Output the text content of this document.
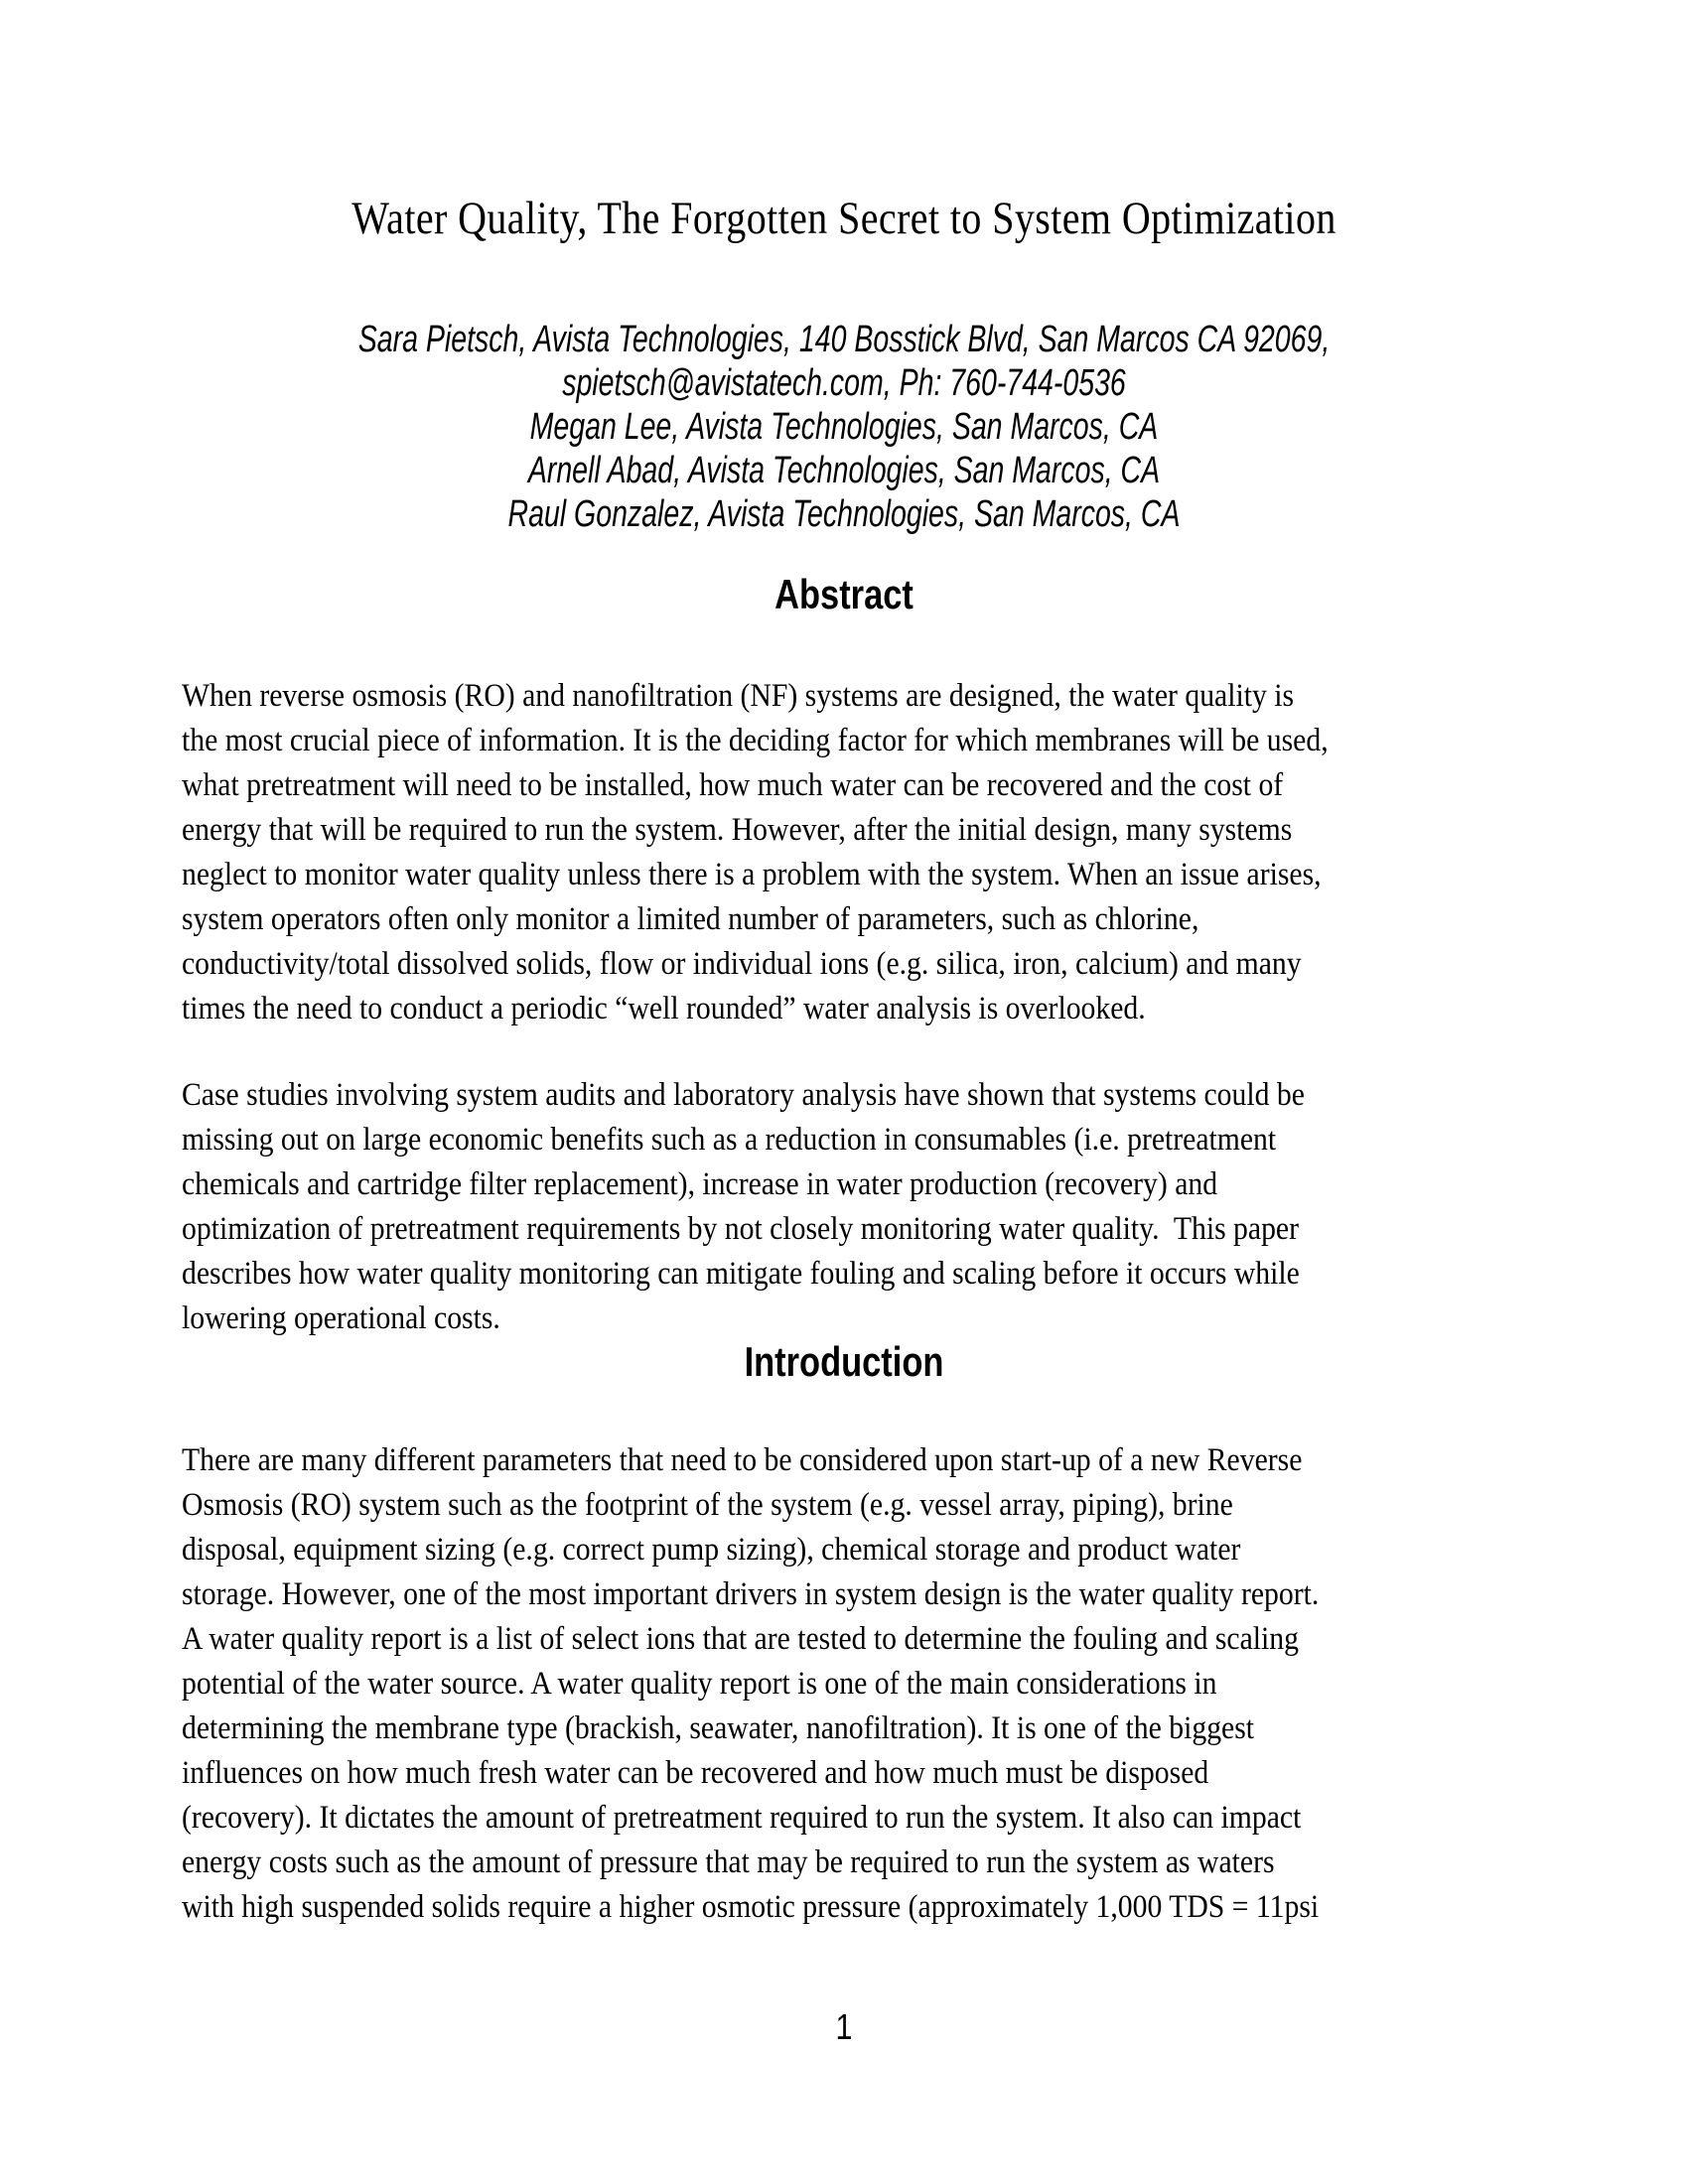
Water Quality, The Forgotten Secret to System Optimization
Sara Pietsch, Avista Technologies, 140 Bosstick Blvd, San Marcos CA 92069,
spietsch@avistatech.com, Ph: 760-744-0536
Megan Lee, Avista Technologies, San Marcos, CA
Arnell Abad, Avista Technologies, San Marcos, CA
Raul Gonzalez, Avista Technologies, San Marcos, CA
Abstract
When reverse osmosis (RO) and nanofiltration (NF) systems are designed, the water quality is
the most crucial piece of information. It is the deciding factor for which membranes will be used,
what pretreatment will need to be installed, how much water can be recovered and the cost of
energy that will be required to run the system. However, after the initial design, many systems
neglect to monitor water quality unless there is a problem with the system. When an issue arises,
system operators often only monitor a limited number of parameters, such as chlorine,
conductivity/total dissolved solids, flow or individual ions (e.g. silica, iron, calcium) and many
times the need to conduct a periodic “well rounded” water analysis is overlooked.
Case studies involving system audits and laboratory analysis have shown that systems could be
missing out on large economic benefits such as a reduction in consumables (i.e. pretreatment
chemicals and cartridge filter replacement), increase in water production (recovery) and
optimization of pretreatment requirements by not closely monitoring water quality.  This paper
describes how water quality monitoring can mitigate fouling and scaling before it occurs while
lowering operational costs.
Introduction
There are many different parameters that need to be considered upon start-up of a new Reverse
Osmosis (RO) system such as the footprint of the system (e.g. vessel array, piping), brine
disposal, equipment sizing (e.g. correct pump sizing), chemical storage and product water
storage. However, one of the most important drivers in system design is the water quality report.
A water quality report is a list of select ions that are tested to determine the fouling and scaling
potential of the water source. A water quality report is one of the main considerations in
determining the membrane type (brackish, seawater, nanofiltration). It is one of the biggest
influences on how much fresh water can be recovered and how much must be disposed
(recovery). It dictates the amount of pretreatment required to run the system. It also can impact
energy costs such as the amount of pressure that may be required to run the system as waters
with high suspended solids require a higher osmotic pressure (approximately 1,000 TDS = 11psi
1
